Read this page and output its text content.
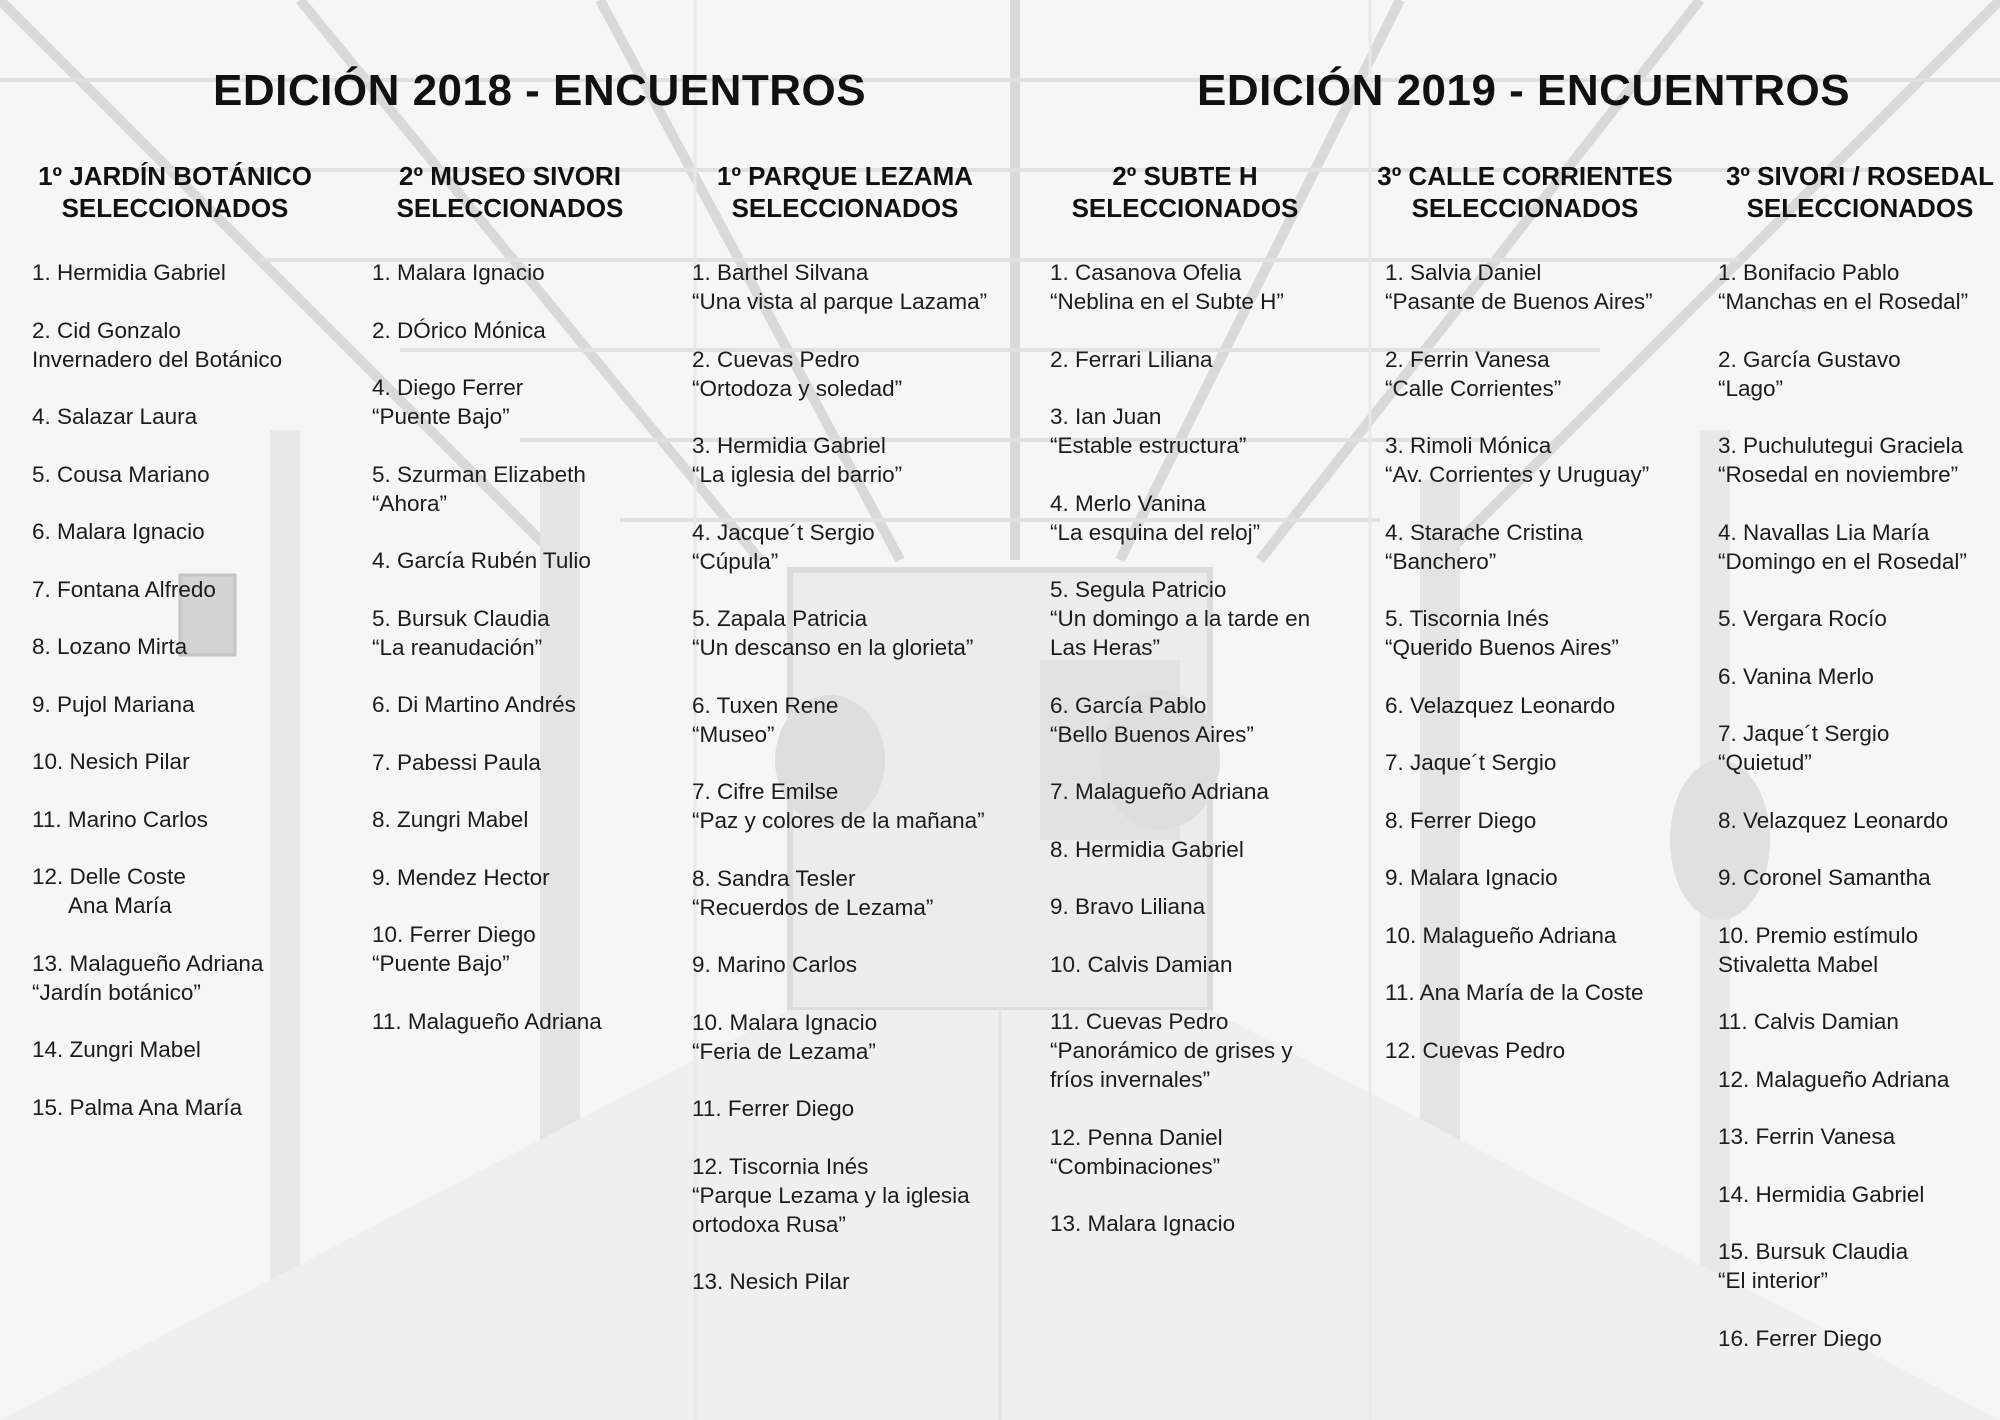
EDICIÓN 2018 - ENCUENTROS	EDICIÓN 2019 - ENCUENTROS
1º JARDÍN BOTÁNICO
SELECCIONADOS
1. Hermidia Gabriel
2. Cid Gonzalo
Invernadero del Botánico
4. Salazar Laura
5. Cousa Mariano
6. Malara Ignacio
7. Fontana Alfredo
8. Lozano Mirta
9. Pujol Mariana
10. Nesich Pilar
11. Marino Carlos
12. Delle Coste
Ana María
13. Malagueño Adriana
“Jardín botánico”
14. Zungri Mabel
15. Palma Ana María
2º MUSEO SIVORI
SELECCIONADOS
1. Malara Ignacio
2. DÓrico Mónica
4. Diego Ferrer
“Puente Bajo”
5. Szurman Elizabeth
“Ahora”
4. García Rubén Tulio
5. Bursuk Claudia
“La reanudación”
6. Di Martino Andrés
7. Pabessi Paula
8. Zungri Mabel
9. Mendez Hector
10. Ferrer Diego
“Puente Bajo”
11. Malagueño Adriana
1º PARQUE LEZAMA
SELECCIONADOS
1. Barthel Silvana
“Una vista al parque Lazama”
2. Cuevas Pedro
“Ortodoza y soledad”
3. Hermidia Gabriel
“La iglesia del barrio”
4. Jacque´t Sergio
“Cúpula”
5. Zapala Patricia
“Un descanso en la glorieta”
6. Tuxen Rene
“Museo”
7. Cifre Emilse
“Paz y colores de la mañana”
8. Sandra Tesler
“Recuerdos de Lezama”
9. Marino Carlos
10. Malara Ignacio
“Feria de Lezama”
11. Ferrer Diego
12. Tiscornia Inés
“Parque Lezama y la iglesia
ortodoxa Rusa”
13. Nesich Pilar
2º SUBTE H
SELECCIONADOS
1. Casanova Ofelia
“Neblina en el Subte H”
2. Ferrari Liliana
3. Ian Juan
“Estable estructura”
4. Merlo Vanina
“La esquina del reloj”
5. Segula Patricio
“Un domingo a la tarde en
Las Heras”
6. García Pablo
“Bello Buenos Aires”
7. Malagueño Adriana
8. Hermidia Gabriel
9. Bravo Liliana
10. Calvis Damian
11. Cuevas Pedro
“Panorámico de grises y
fríos invernales”
12. Penna Daniel
“Combinaciones”
13. Malara Ignacio
3º CALLE CORRIENTES
SELECCIONADOS
1. Salvia Daniel
“Pasante de Buenos Aires”
2. Ferrin Vanesa
“Calle Corrientes”
3. Rimoli Mónica
“Av. Corrientes y Uruguay”
4. Starache Cristina
“Banchero”
5. Tiscornia Inés
“Querido Buenos Aires”
6. Velazquez Leonardo
7. Jaque´t Sergio
8. Ferrer Diego
9. Malara Ignacio
10. Malagueño Adriana
11. Ana María de la Coste
12. Cuevas Pedro
3º SIVORI / ROSEDAL
SELECCIONADOS
1. Bonifacio Pablo
“Manchas en el Rosedal”
2. García Gustavo
“Lago”
3. Puchulutegui Graciela
“Rosedal en noviembre”
4. Navallas Lia María
“Domingo en el Rosedal”
5. Vergara Rocío
6. Vanina Merlo
7. Jaque´t Sergio
“Quietud”
8. Velazquez Leonardo
9. Coronel Samantha
10. Premio estímulo
Stivaletta Mabel
11. Calvis Damian
12. Malagueño Adriana
13. Ferrin Vanesa
14. Hermidia Gabriel
15. Bursuk Claudia
“El interior”
16. Ferrer Diego
